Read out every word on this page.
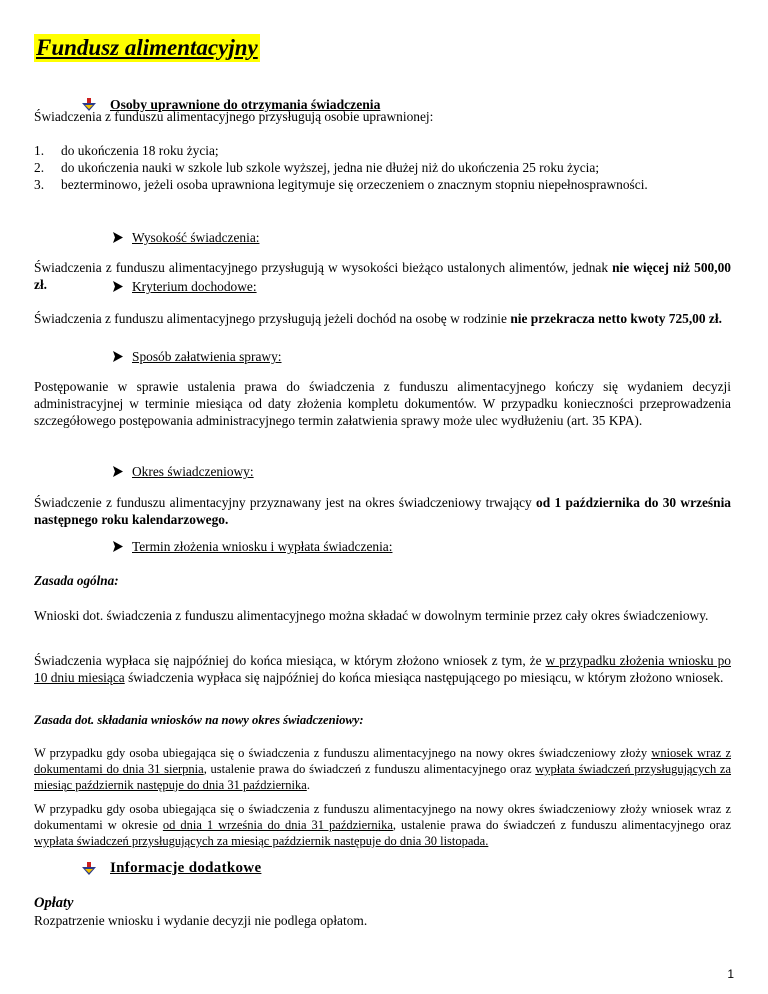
Fundusz alimentacyjny
Osoby uprawnione do otrzymania świadczenia

Świadczenia z funduszu alimentacyjnego przysługują osobie uprawnionej:

1.	do ukończenia 18 roku życia;
2.	do ukończenia nauki w szkole lub szkole wyższej, jedna nie dłużej niż do ukończenia 25 roku życia;
3.	bezterminowo, jeżeli osoba uprawniona legitymuje się orzeczeniem o znacznym stopniu niepełnosprawności.
Wysokość świadczenia:

Świadczenia z funduszu alimentacyjnego przysługują w wysokości bieżąco ustalonych alimentów, jednak nie więcej niż 500,00 zł.	Kryterium dochodowe:

Świadczenia z funduszu alimentacyjnego przysługują jeżeli dochód na osobę w rodzinie nie przekracza netto kwoty 725,00 zł.

Sposób załatwienia sprawy:

Postępowanie w sprawie ustalenia prawa do świadczenia z funduszu alimentacyjnego kończy się wydaniem decyzji administracyjnej w terminie miesiąca od daty złożenia kompletu dokumentów. W przypadku konieczności przeprowadzenia szczegółowego postępowania administracyjnego termin załatwienia sprawy może ulec wydłużeniu (art. 35 KPA).

Okres świadczeniowy:

Świadczenie z funduszu alimentacyjny przyznawany jest na okres świadczeniowy trwający od 1 października do 30 września następnego roku kalendarzowego.

Termin złożenia wniosku i wypłata świadczenia:

Zasada ogólna:

Wnioski dot. świadczenia z funduszu alimentacyjnego można składać w dowolnym terminie przez cały okres świadczeniowy.

Świadczenia wypłaca się najpóźniej do końca miesiąca, w którym złożono wniosek z tym, że w przypadku złożenia wniosku po 10 dniu miesiąca świadczenia wypłaca się najpóźniej do końca miesiąca następującego po miesiącu, w którym złożono wniosek.

Zasada dot. składania wniosków na nowy okres świadczeniowy:

W przypadku gdy osoba ubiegająca się o świadczenia z funduszu alimentacyjnego na nowy okres świadczeniowy złoży wniosek wraz z dokumentami do dnia 31 sierpnia, ustalenie prawa do świadczeń z funduszu alimentacyjnego oraz wypłata świadczeń przysługujących za miesiąc październik następuje do dnia 31 października.

W przypadku gdy osoba ubiegająca się o świadczenia z funduszu alimentacyjnego na nowy okres świadczeniowy złoży wniosek wraz z dokumentami w okresie od dnia 1 września do dnia 31 października, ustalenie prawa do świadczeń z funduszu alimentacyjnego oraz wypłata świadczeń przysługujących za miesiąc październik następuje do dnia 30 listopada.

Informacje dodatkowe

Opłaty

Rozpatrzenie wniosku i wydanie decyzji nie podlega opłatom.

1
